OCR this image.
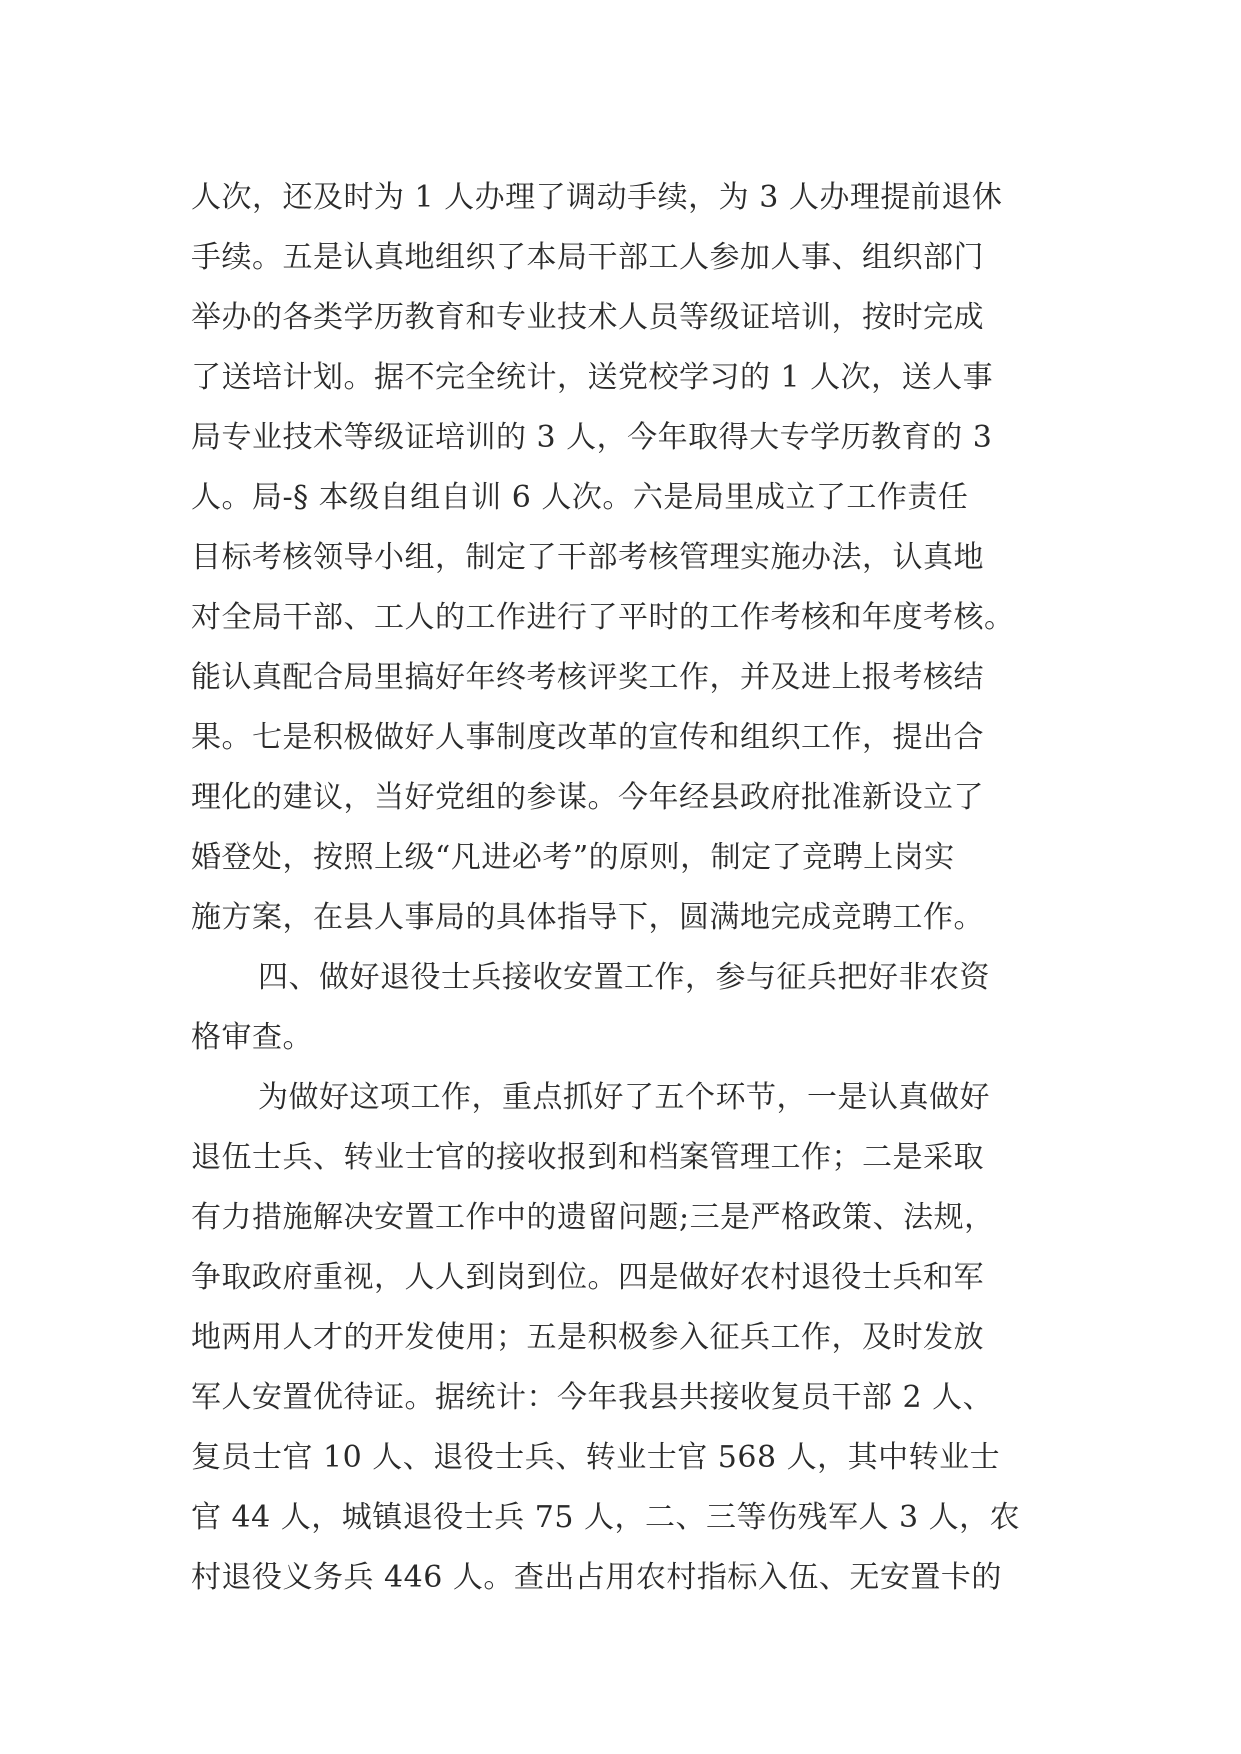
人次，还及时为 1 人办理了调动手续，为 3 人办理提前退休
手续。五是认真地组织了本局干部工人参加人事、组织部门
举办的各类学历教育和专业技术人员等级证培训，按时完成
了送培计划。据不完全统计，送党校学习的 1 人次，送人事
局专业技术等级证培训的 3 人，今年取得大专学历教育的 3
人。局-§ 本级自组自训 6 人次。六是局里成立了工作责任
目标考核领导小组，制定了干部考核管理实施办法，认真地
对全局干部、工人的工作进行了平时的工作考核和年度考核。
能认真配合局里搞好年终考核评奖工作，并及进上报考核结
果。七是积极做好人事制度改革的宣传和组织工作，提出合
理化的建议，当好党组的参谋。今年经县政府批准新设立了
婚登处，按照上级“凡进必考”的原则，制定了竞聘上岗实
施方案，在县人事局的具体指导下，圆满地完成竞聘工作。
四、做好退役士兵接收安置工作，参与征兵把好非农资
格审查。
为做好这项工作，重点抓好了五个环节，一是认真做好
退伍士兵、转业士官的接收报到和档案管理工作；二是采取
有力措施解决安置工作中的遗留问题;三是严格政策、法规，
争取政府重视，人人到岗到位。四是做好农村退役士兵和军
地两用人才的开发使用；五是积极参入征兵工作，及时发放
军人安置优待证。据统计：今年我县共接收复员干部 2 人、
复员士官 10 人、退役士兵、转业士官 568 人，其中转业士
官 44 人，城镇退役士兵 75 人，二、三等伤残军人 3 人，农
村退役义务兵 446 人。查出占用农村指标入伍、无安置卡的
